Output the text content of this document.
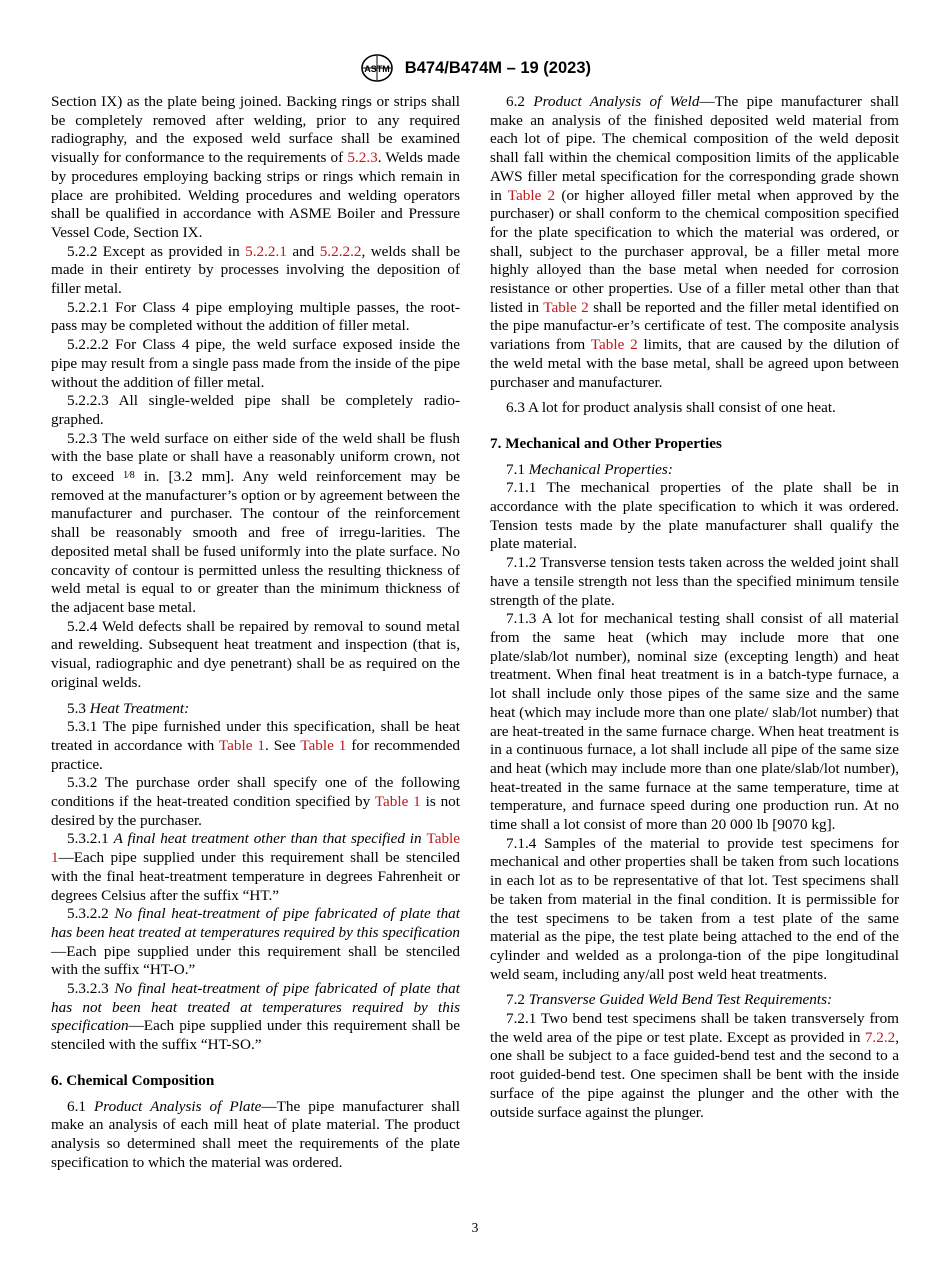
ASTM B474/B474M – 19 (2023)

Section IX) as the plate being joined. Backing rings or strips shall be completely removed after welding, prior to any required radiography, and the exposed weld surface shall be examined visually for conformance to the requirements of 5.2.3. Welds made by procedures employing backing strips or rings which remain in place are prohibited. Welding procedures and welding operators shall be qualified in accordance with ASME Boiler and Pressure Vessel Code, Section IX.

5.2.2 Except as provided in 5.2.2.1 and 5.2.2.2, welds shall be made in their entirety by processes involving the deposition of filler metal.

5.2.2.1 For Class 4 pipe employing multiple passes, the root-pass may be completed without the addition of filler metal.

5.2.2.2 For Class 4 pipe, the weld surface exposed inside the pipe may result from a single pass made from the inside of the pipe without the addition of filler metal.

5.2.2.3 All single-welded pipe shall be completely radio-graphed.

5.2.3 The weld surface on either side of the weld shall be flush with the base plate or shall have a reasonably uniform crown, not to exceed 1⁄8 in. [3.2 mm]. Any weld reinforcement may be removed at the manufacturer’s option or by agreement between the manufacturer and purchaser. The contour of the reinforcement shall be reasonably smooth and free of irregu-larities. The deposited metal shall be fused uniformly into the plate surface. No concavity of contour is permitted unless the resulting thickness of weld metal is equal to or greater than the minimum thickness of the adjacent base metal.

5.2.4 Weld defects shall be repaired by removal to sound metal and rewelding. Subsequent heat treatment and inspection (that is, visual, radiographic and dye penetrant) shall be as required on the original welds.

5.3 Heat Treatment:

5.3.1 The pipe furnished under this specification, shall be heat treated in accordance with Table 1. See Table 1 for recommended practice.

5.3.2 The purchase order shall specify one of the following conditions if the heat-treated condition specified by Table 1 is not desired by the purchaser.

5.3.2.1 A final heat treatment other than that specified in Table 1—Each pipe supplied under this requirement shall be stenciled with the final heat-treatment temperature in degrees Fahrenheit or degrees Celsius after the suffix “HT.”

5.3.2.2 No final heat-treatment of pipe fabricated of plate that has been heat treated at temperatures required by this specification—Each pipe supplied under this requirement shall be stenciled with the suffix “HT-O.”

5.3.2.3 No final heat-treatment of pipe fabricated of plate that has not been heat treated at temperatures required by this specification—Each pipe supplied under this requirement shall be stenciled with the suffix “HT-SO.”

6. Chemical Composition

6.1 Product Analysis of Plate—The pipe manufacturer shall make an analysis of each mill heat of plate material. The product analysis so determined shall meet the requirements of the plate specification to which the material was ordered.

6.2 Product Analysis of Weld—The pipe manufacturer shall make an analysis of the finished deposited weld material from each lot of pipe. The chemical composition of the weld deposit shall fall within the chemical composition limits of the applicable AWS filler metal specification for the corresponding grade shown in Table 2 (or higher alloyed filler metal when approved by the purchaser) or shall conform to the chemical composition specified for the plate specification to which the material was ordered, or shall, subject to the purchaser approval, be a filler metal more highly alloyed than the base metal when needed for corrosion resistance or other properties. Use of a filler metal other than that listed in Table 2 shall be reported and the filler metal identified on the pipe manufactur-er’s certificate of test. The composite analysis variations from Table 2 limits, that are caused by the dilution of the weld metal with the base metal, shall be agreed upon between purchaser and manufacturer.

6.3 A lot for product analysis shall consist of one heat.

7. Mechanical and Other Properties

7.1 Mechanical Properties:

7.1.1 The mechanical properties of the plate shall be in accordance with the plate specification to which it was ordered. Tension tests made by the plate manufacturer shall qualify the plate material.

7.1.2 Transverse tension tests taken across the welded joint shall have a tensile strength not less than the specified minimum tensile strength of the plate.

7.1.3 A lot for mechanical testing shall consist of all material from the same heat (which may include more that one plate/slab/lot number), nominal size (excepting length) and heat treatment. When final heat treatment is in a batch-type furnace, a lot shall include only those pipes of the same size and the same heat (which may include more than one plate/ slab/lot number) that are heat-treated in the same furnace charge. When heat treatment is in a continuous furnace, a lot shall include all pipe of the same size and heat (which may include more than one plate/slab/lot number), heat-treated in the same furnace at the same temperature, time at temperature, and furnace speed during one production run. At no time shall a lot consist of more than 20 000 lb [9070 kg].

7.1.4 Samples of the material to provide test specimens for mechanical and other properties shall be taken from such locations in each lot as to be representative of that lot. Test specimens shall be taken from material in the final condition. It is permissible for the test specimens to be taken from a test plate of the same material as the pipe, the test plate being attached to the end of the cylinder and welded as a prolonga-tion of the pipe longitudinal weld seam, including any/all post weld heat treatments.

7.2 Transverse Guided Weld Bend Test Requirements:

7.2.1 Two bend test specimens shall be taken transversely from the weld area of the pipe or test plate. Except as provided in 7.2.2, one shall be subject to a face guided-bend test and the second to a root guided-bend test. One specimen shall be bent with the inside surface of the pipe against the plunger and the other with the outside surface against the plunger.

3
